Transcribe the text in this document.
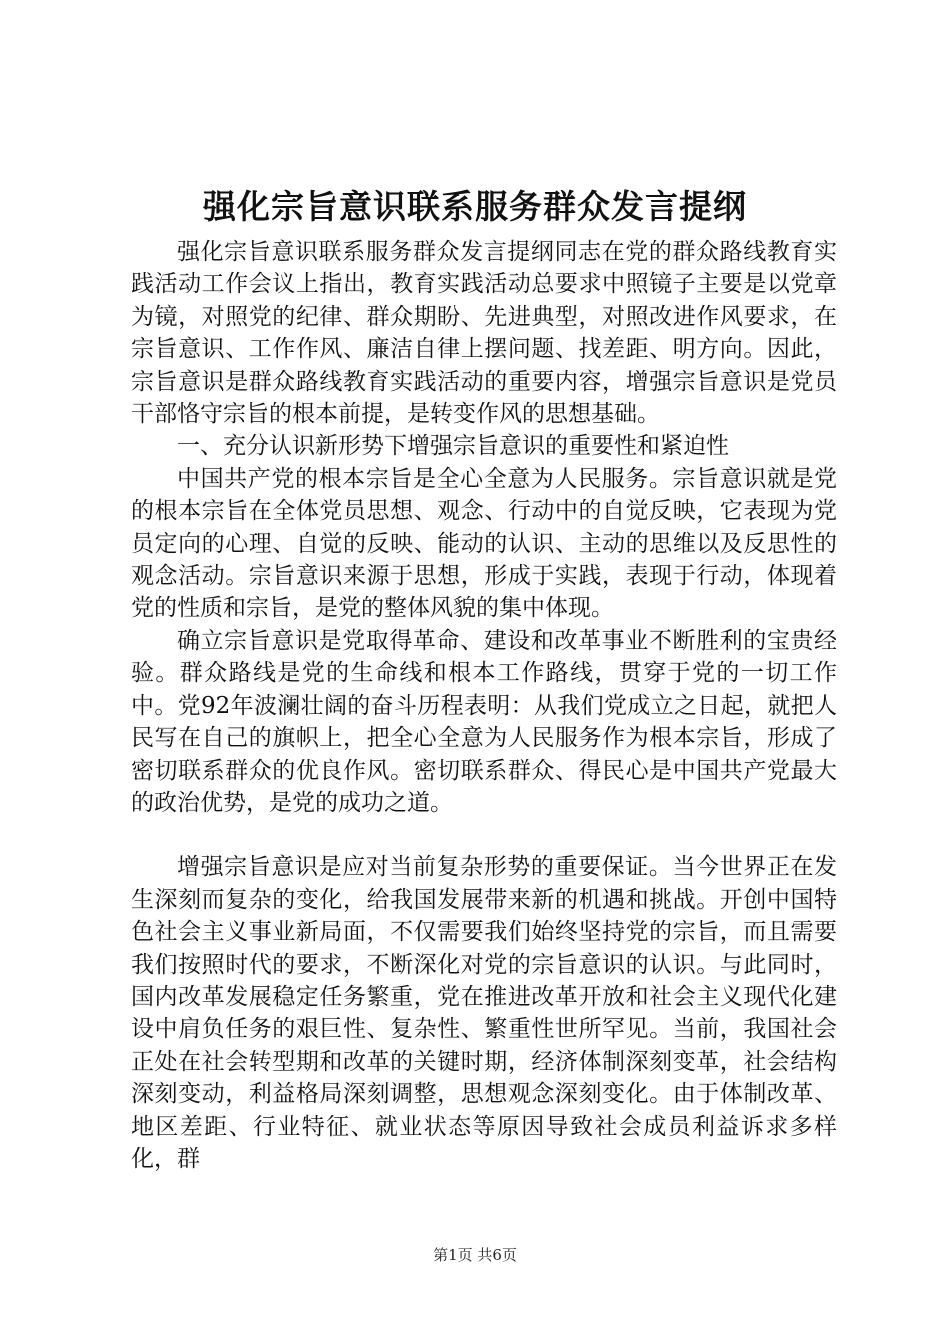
强化宗旨意识联系服务群众发言提纲

强化宗旨意识联系服务群众发言提纲同志在党的群众路线教育实践活动工作会议上指出，教育实践活动总要求中照镜子主要是以党章为镜，对照党的纪律、群众期盼、先进典型，对照改进作风要求，在宗旨意识、工作作风、廉洁自律上摆问题、找差距、明方向。因此，宗旨意识是群众路线教育实践活动的重要内容，增强宗旨意识是党员干部恪守宗旨的根本前提，是转变作风的思想基础。

一、充分认识新形势下增强宗旨意识的重要性和紧迫性

中国共产党的根本宗旨是全心全意为人民服务。宗旨意识就是党的根本宗旨在全体党员思想、观念、行动中的自觉反映，它表现为党员定向的心理、自觉的反映、能动的认识、主动的思维以及反思性的观念活动。宗旨意识来源于思想，形成于实践，表现于行动，体现着党的性质和宗旨，是党的整体风貌的集中体现。

确立宗旨意识是党取得革命、建设和改革事业不断胜利的宝贵经验。群众路线是党的生命线和根本工作路线，贯穿于党的一切工作中。党92年波澜壮阔的奋斗历程表明：从我们党成立之日起，就把人民写在自己的旗帜上，把全心全意为人民服务作为根本宗旨，形成了密切联系群众的优良作风。密切联系群众、得民心是中国共产党最大的政治优势，是党的成功之道。

增强宗旨意识是应对当前复杂形势的重要保证。当今世界正在发生深刻而复杂的变化，给我国发展带来新的机遇和挑战。开创中国特色社会主义事业新局面，不仅需要我们始终坚持党的宗旨，而且需要我们按照时代的要求，不断深化对党的宗旨意识的认识。与此同时，国内改革发展稳定任务繁重，党在推进改革开放和社会主义现代化建设中肩负任务的艰巨性、复杂性、繁重性世所罕见。当前，我国社会正处在社会转型期和改革的关键时期，经济体制深刻变革，社会结构深刻变动，利益格局深刻调整，思想观念深刻变化。由于体制改革、地区差距、行业特征、就业状态等原因导致社会成员利益诉求多样化，群

第1页 共6页
